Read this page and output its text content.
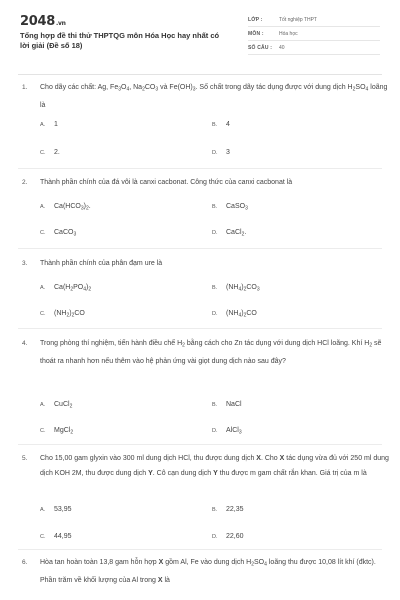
2048.vn
Tổng hợp đề thi thử THPTQG môn Hóa Học hay nhất có lời giải (Đề số 18)
LỚP :	Tốt nghiệp THPT
MÔN :	Hóa học
SỐ CÂU :	40
1. Cho dãy các chất: Ag, $Fe_3O_4$, $Na_2CO_3$ và $Fe(OH)_3$. Số chất trong dãy tác dụng được với dung dịch $H_2SO_4$ loãng là
A. 1	B. 4
C. 2.	D. 3
2. Thành phần chính của đá vôi là canxi cacbonat. Công thức của canxi cacbonat là
A. $Ca(HCO_3)_2$.	B. CaSO$_3$
C. CaCO$_3$	D. CaCl$_2$.
3. Thành phần chính của phân đạm ure là
A. $Ca(H_2PO_4)_2$	B. $(NH_4)_2CO_3$
C. $(NH_2)_2CO$	D. $(NH_4)_2CO$
4. Trong phòng thí nghiệm, tiến hành điều chế $H_2$ bằng cách cho Zn tác dụng với dung dịch HCl loãng. Khí $H_2$ sẽ thoát ra nhanh hơn nếu thêm vào hệ phản ứng vài giọt dung dịch nào sau đây?
A. CuCl$_2$	B. NaCl
C. MgCl$_2$	D. AlCl$_3$
5. Cho 15,00 gam glyxin vào 300 ml dung dịch HCl, thu được dung dịch X. Cho X tác dụng vừa đủ với 250 ml dung dịch KOH 2M, thu được dung dịch Y. Cô cạn dung dịch Y thu được m gam chất rắn khan. Giá trị của m là
A. 53,95	B. 22,35
C. 44,95	D. 22,60
6. Hòa tan hoàn toàn 13,8 gam hỗn hợp X gồm Al, Fe vào dung dịch $H_2SO_4$ loãng thu được 10,08 lít khí (đktc). Phần trăm về khối lượng của Al trong X là
